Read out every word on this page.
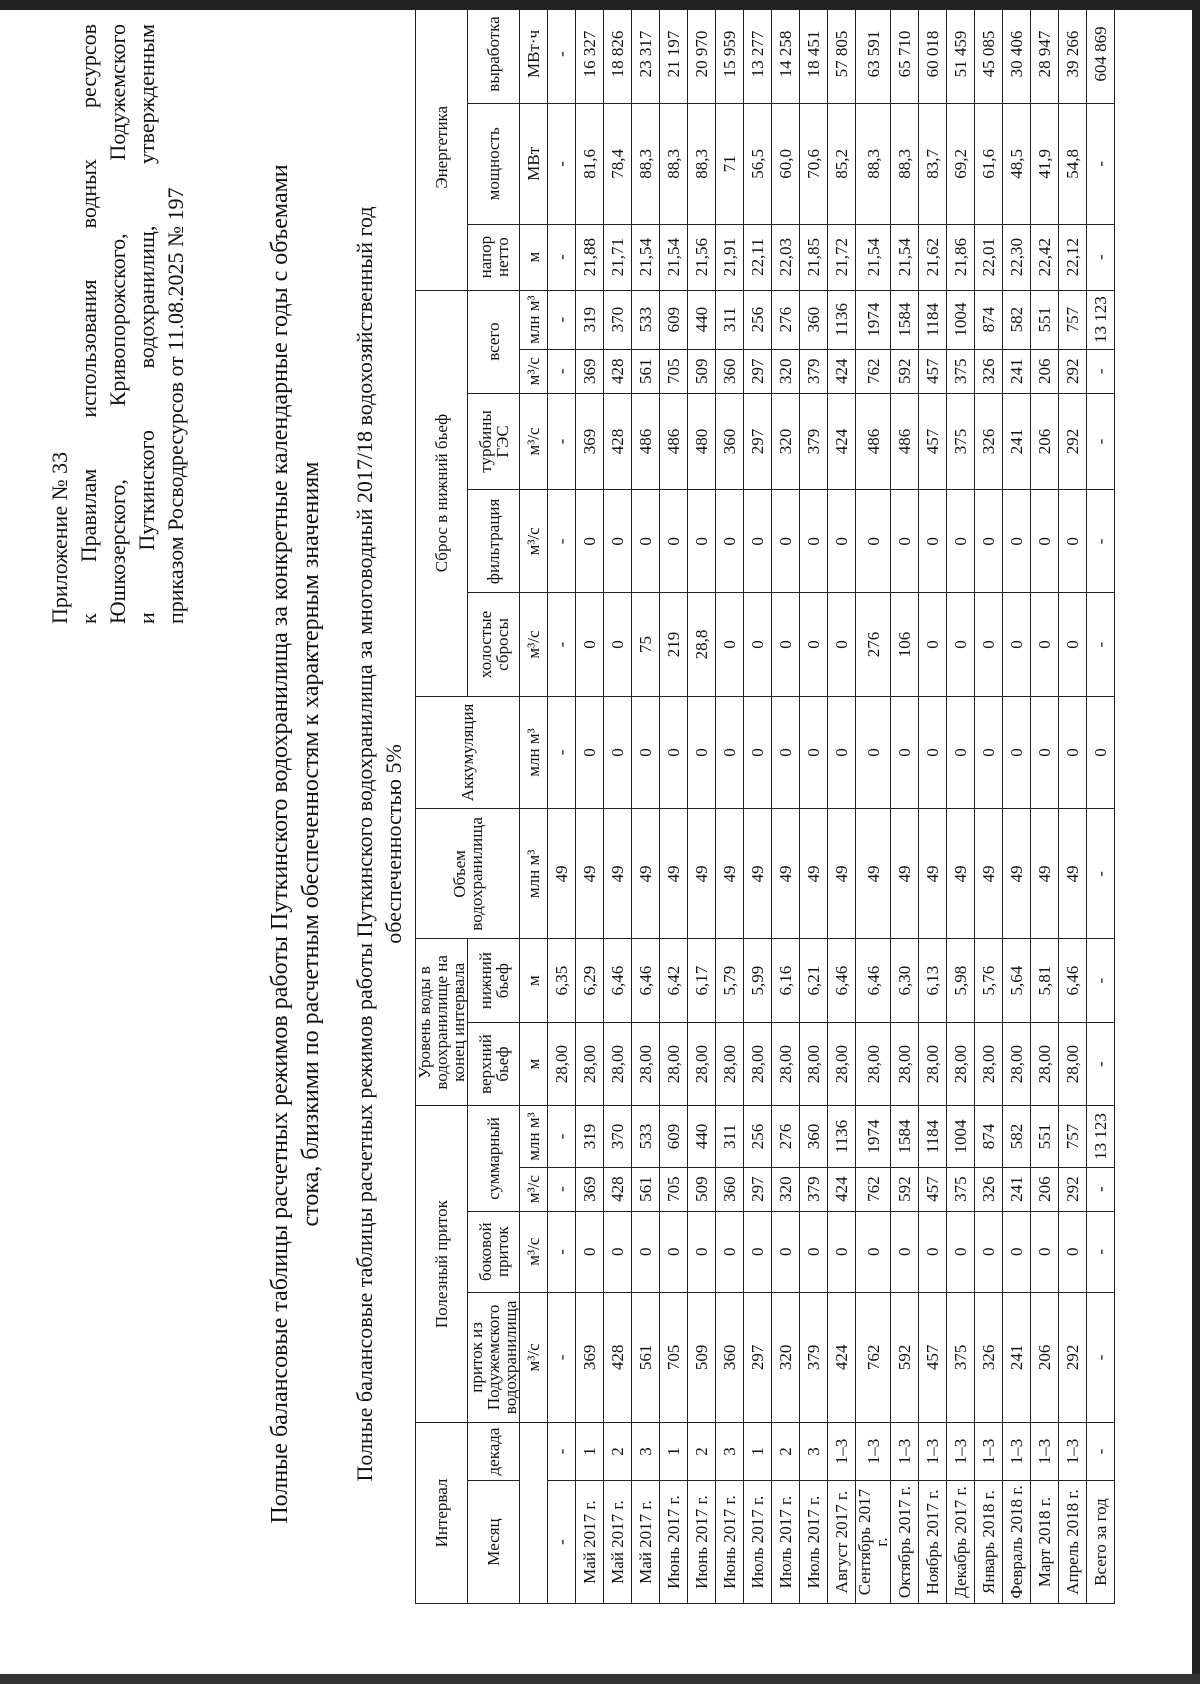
Приложение № 33 к Правилам использования водных ресурсов Юшкозерского, Кривопорожского, Подужемского и Путкинского водохранилищ, утвержденным приказом Росводресурсов от 11.08.2025 № 197	Полные балансовые таблицы расчетных режимов работы Путкинского водохранилища за конкретные календарные годы с объемами стока, близкими по расчетным обеспеченностям к характерным значениям Полные балансовые таблицы расчетных режимов работы Путкинского водохранилища за многоводный 2017/18 водохозяйственный год обеспеченностью 5%
Интервал		Полезный приток				Уровень воды в водохранилище на конец интервала		Объем водохранилища	Аккумуляция	Сброс в нижний бьеф					Энергетика		
						верхний бьеф	нижний бьеф										
Месяц	декада	приток из Подужемского водохранилища	боковой приток	суммарный						холостые сбросы	фильтрация	турбины ГЭС	всего		напор нетто	мощность	выработка
		м³/с	м³/с	м³/с	млн м³	м	м	млн м³	млн м³	м³/с	м³/с	м³/с	м³/с	млн м³	м	МВт	МВт·ч
-	-	-	-	-	-	28,00	6,35	49	-	-	-	-	-	-	-	-	-
Май 2017 г.	1	369	0	369	319	28,00	6,29	49	0	0	0	369	369	319	21,88	81,6	16 327
Май 2017 г.	2	428	0	428	370	28,00	6,46	49	0	0	0	428	428	370	21,71	78,4	18 826
Май 2017 г.	3	561	0	561	533	28,00	6,46	49	0	75	0	486	561	533	21,54	88,3	23 317
Июнь 2017 г.	1	705	0	705	609	28,00	6,42	49	0	219	0	486	705	609	21,54	88,3	21 197
Июнь 2017 г.	2	509	0	509	440	28,00	6,17	49	0	28,8	0	480	509	440	21,56	88,3	20 970
Июнь 2017 г.	3	360	0	360	311	28,00	5,79	49	0	0	0	360	360	311	21,91	71	15 959
Июль 2017 г.	1	297	0	297	256	28,00	5,99	49	0	0	0	297	297	256	22,11	56,5	13 277
Июль 2017 г.	2	320	0	320	276	28,00	6,16	49	0	0	0	320	320	276	22,03	60,0	14 258
Июль 2017 г.	3	379	0	379	360	28,00	6,21	49	0	0	0	379	379	360	21,85	70,6	18 451
Август 2017 г.	1–3	424	0	424	1136	28,00	6,46	49	0	0	0	424	424	1136	21,72	85,2	57 805
Сентябрь 2017 г.	1–3	762	0	762	1974	28,00	6,46	49	0	276	0	486	762	1974	21,54	88,3	63 591
Октябрь 2017 г.	1–3	592	0	592	1584	28,00	6,30	49	0	106	0	486	592	1584	21,54	88,3	65 710
Ноябрь 2017 г.	1–3	457	0	457	1184	28,00	6,13	49	0	0	0	457	457	1184	21,62	83,7	60 018
Декабрь 2017 г.	1–3	375	0	375	1004	28,00	5,98	49	0	0	0	375	375	1004	21,86	69,2	51 459
Январь 2018 г.	1–3	326	0	326	874	28,00	5,76	49	0	0	0	326	326	874	22,01	61,6	45 085
Февраль 2018 г.	1–3	241	0	241	582	28,00	5,64	49	0	0	0	241	241	582	22,30	48,5	30 406
Март 2018 г.	1–3	206	0	206	551	28,00	5,81	49	0	0	0	206	206	551	22,42	41,9	28 947
Апрель 2018 г.	1–3	292	0	292	757	28,00	6,46	49	0	0	0	292	292	757	22,12	54,8	39 266
Всего за год	-	-	-	-	13 123	-	-	-	0	-	-	-	-	13 123	-	-	604 869
